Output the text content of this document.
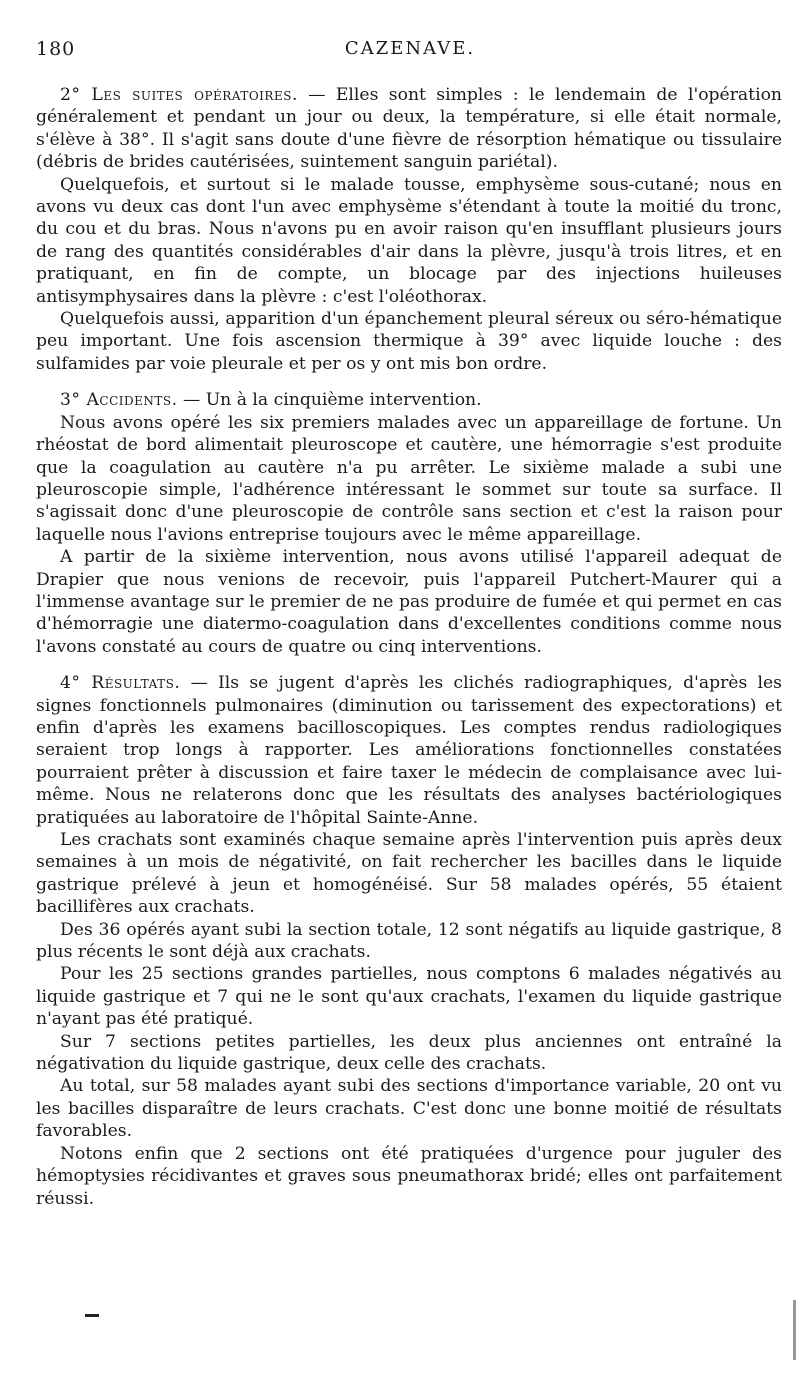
180	CAZENAVE.

2° Les suites opératoires. — Elles sont simples : le lendemain de l'opération généralement et pendant un jour ou deux, la température, si elle était normale, s'élève à 38°. Il s'agit sans doute d'une fièvre de résorption hématique ou tissulaire (débris de brides cautérisées, suintement sanguin pariétal).

Quelquefois, et surtout si le malade tousse, emphysème sous-cutané; nous en avons vu deux cas dont l'un avec emphysème s'étendant à toute la moitié du tronc, du cou et du bras. Nous n'avons pu en avoir raison qu'en insufflant plusieurs jours de rang des quantités considérables d'air dans la plèvre, jusqu'à trois litres, et en pratiquant, en fin de compte, un blocage par des injections huileuses antisymphysaires dans la plèvre : c'est l'oléothorax.

Quelquefois aussi, apparition d'un épanchement pleural séreux ou séro-hématique peu important. Une fois ascension thermique à 39° avec liquide louche : des sulfamides par voie pleurale et per os y ont mis bon ordre.

3° Accidents. — Un à la cinquième intervention.

Nous avons opéré les six premiers malades avec un appareillage de fortune. Un rhéostat de bord alimentait pleuroscope et cautère, une hémorragie s'est produite que la coagulation au cautère n'a pu arrêter. Le sixième malade a subi une pleuroscopie simple, l'adhérence intéressant le sommet sur toute sa surface. Il s'agissait donc d'une pleuroscopie de contrôle sans section et c'est la raison pour laquelle nous l'avions entreprise toujours avec le même appareillage.

A partir de la sixième intervention, nous avons utilisé l'appareil adequat de Drapier que nous venions de recevoir, puis l'appareil Putchert-Maurer qui a l'immense avantage sur le premier de ne pas produire de fumée et qui permet en cas d'hémorragie une diatermo-coagulation dans d'excellentes conditions comme nous l'avons constaté au cours de quatre ou cinq interventions.

4° Résultats. — Ils se jugent d'après les clichés radiographiques, d'après les signes fonctionnels pulmonaires (diminution ou tarissement des expectorations) et enfin d'après les examens bacilloscopiques. Les comptes rendus radiologiques seraient trop longs à rapporter. Les améliorations fonctionnelles constatées pourraient prêter à discussion et faire taxer le médecin de complaisance avec lui-même. Nous ne relaterons donc que les résultats des analyses bactériologiques pratiquées au laboratoire de l'hôpital Sainte-Anne.

Les crachats sont examinés chaque semaine après l'intervention puis après deux semaines à un mois de négativité, on fait rechercher les bacilles dans le liquide gastrique prélevé à jeun et homogénéisé. Sur 58 malades opérés, 55 étaient bacillifères aux crachats.

Des 36 opérés ayant subi la section totale, 12 sont négatifs au liquide gastrique, 8 plus récents le sont déjà aux crachats.

Pour les 25 sections grandes partielles, nous comptons 6 malades négativés au liquide gastrique et 7 qui ne le sont qu'aux crachats, l'examen du liquide gastrique n'ayant pas été pratiqué.

Sur 7 sections petites partielles, les deux plus anciennes ont entraîné la négativation du liquide gastrique, deux celle des crachats.

Au total, sur 58 malades ayant subi des sections d'importance variable, 20 ont vu les bacilles disparaître de leurs crachats. C'est donc une bonne moitié de résultats favorables.

Notons enfin que 2 sections ont été pratiquées d'urgence pour juguler des hémoptysies récidivantes et graves sous pneumathorax bridé; elles ont parfaitement réussi.
